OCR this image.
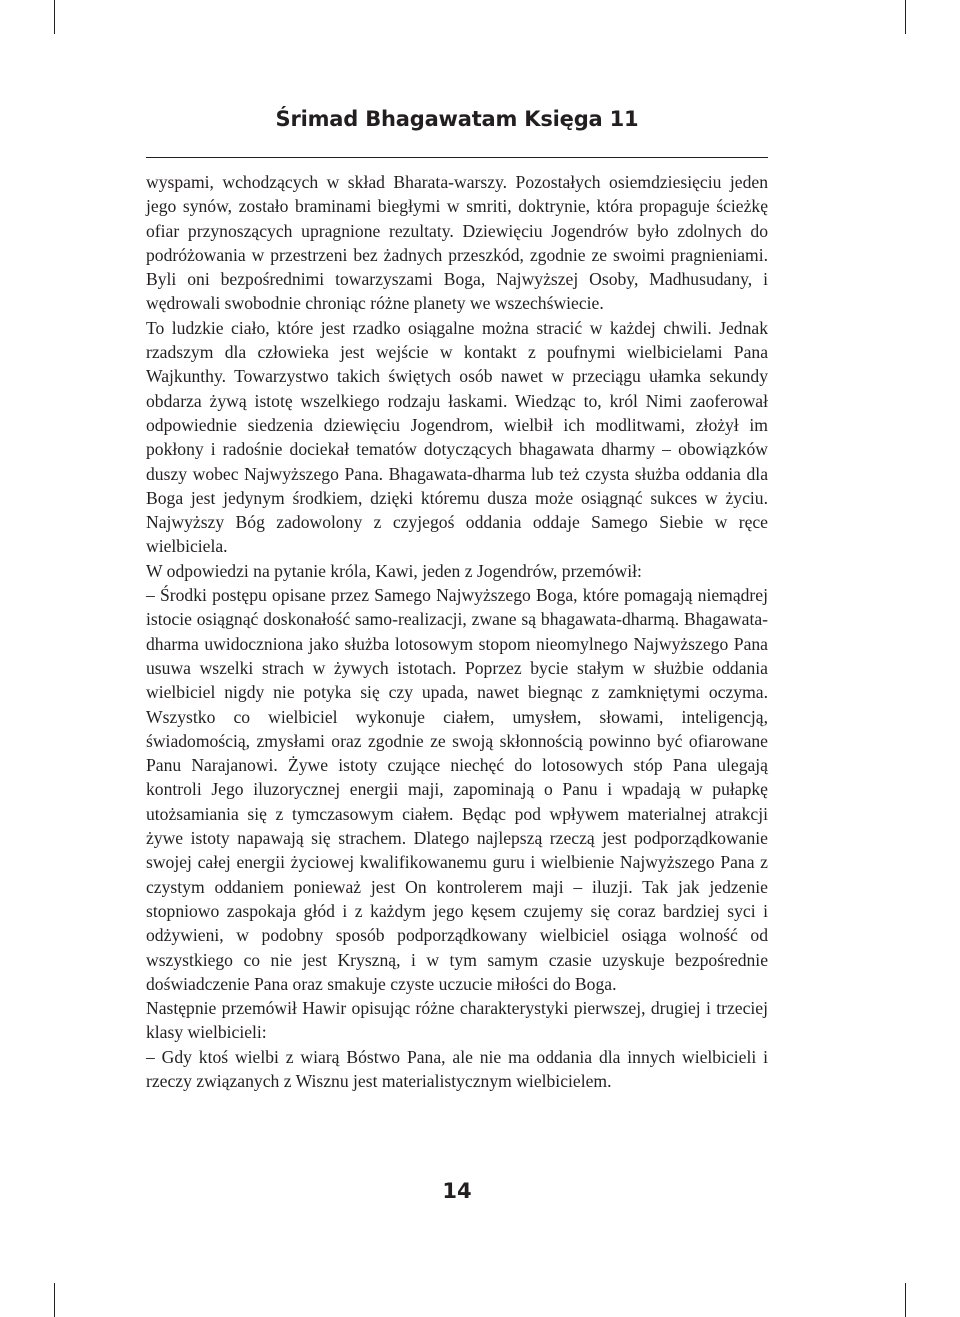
Śrimad Bhagawatam Księga 11

wyspami, wchodzących w skład Bharata-warszy. Pozostałych osiemdziesięciu jeden jego synów, zostało braminami biegłymi w smriti, doktrynie, która propaguje ścieżkę ofiar przynoszących upragnione rezultaty. Dziewięciu Jogendrów było zdolnych do podróżowania w przestrzeni bez żadnych przeszkód, zgodnie ze swoimi pragnieniami. Byli oni bezpośrednimi towarzyszami Boga, Najwyższej Osoby, Madhusudany, i wędrowali swobodnie chroniąc różne planety we wszechświecie.

To ludzkie ciało, które jest rzadko osiągalne można stracić w każdej chwili. Jednak rzadszym dla człowieka jest wejście w kontakt z poufnymi wielbicielami Pana Wajkunthy. Towarzystwo takich świętych osób nawet w przeciągu ułamka sekundy obdarza żywą istotę wszelkiego rodzaju łaskami. Wiedząc to, król Nimi zaoferował odpowiednie siedzenia dziewięciu Jogendrom, wielbił ich modlitwami, złożył im pokłony i radośnie dociekał tematów dotyczących bhagawata dharmy – obowiązków duszy wobec Najwyższego Pana. Bhagawata-dharma lub też czysta służba oddania dla Boga jest jedynym środkiem, dzięki któremu dusza może osiągnąć sukces w życiu. Najwyższy Bóg zadowolony z czyjegoś oddania oddaje Samego Siebie w ręce wielbiciela.

W odpowiedzi na pytanie króla, Kawi, jeden z Jogendrów, przemówił:

– Środki postępu opisane przez Samego Najwyższego Boga, które pomagają niemądrej istocie osiągnąć doskonałość samo-realizacji, zwane są bhagawata-dharmą. Bhagawata-dharma uwidoczniona jako służba lotosowym stopom nieomylnego Najwyższego Pana usuwa wszelki strach w żywych istotach. Poprzez bycie stałym w służbie oddania wielbiciel nigdy nie potyka się czy upada, nawet biegnąc z zamkniętymi oczyma. Wszystko co wielbiciel wykonuje ciałem, umysłem, słowami, inteligencją, świadomością, zmysłami oraz zgodnie ze swoją skłonnością powinno być ofiarowane Panu Narajanowi. Żywe istoty czujące niechęć do lotosowych stóp Pana ulegają kontroli Jego iluzorycznej energii maji, zapominają o Panu i wpadają w pułapkę utożsamiania się z tymczasowym ciałem. Będąc pod wpływem materialnej atrakcji żywe istoty napawają się strachem. Dlatego najlepszą rzeczą jest podporządkowanie swojej całej energii życiowej kwalifikowanemu guru i wielbienie Najwyższego Pana z czystym oddaniem ponieważ jest On kontrolerem maji – iluzji. Tak jak jedzenie stopniowo zaspokaja głód i z każdym jego kęsem czujemy się coraz bardziej syci i odżywieni, w podobny sposób podporządkowany wielbiciel osiąga wolność od wszystkiego co nie jest Kryszną, i w tym samym czasie uzyskuje bezpośrednie doświadczenie Pana oraz smakuje czyste uczucie miłości do Boga.

Następnie przemówił Hawir opisując różne charakterystyki pierwszej, drugiej i trzeciej klasy wielbicieli:

– Gdy ktoś wielbi z wiarą Bóstwo Pana, ale nie ma oddania dla innych wielbicieli i rzeczy związanych z Wisznu jest materialistycznym wielbicielem.

14
